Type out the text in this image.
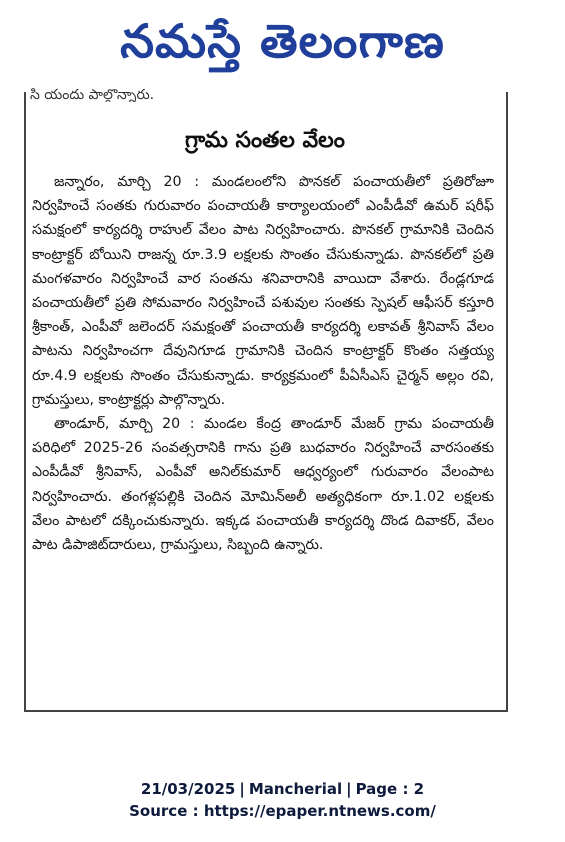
నమస్తే తెలంగాణ
సి యందు పాల్గొన్నారు.
గ్రామ సంతల వేలం

జన్నారం, మార్చి 20 : మండలంలోని పొనకల్ పంచాయతీలో ప్రతిరోజూ నిర్వహించే సంతకు గురువారం పంచాయతీ కార్యాలయంలో ఎంపీడీవో ఉమర్ షరీఫ్ సమక్షంలో కార్యదర్శి రాహుల్ వేలం పాట నిర్వహించారు. పొనకల్ గ్రామానికి చెందిన కాంట్రాక్టర్ బోయిని రాజన్న రూ.3.9 లక్షలకు సొంతం చేసుకున్నాడు. పొనకల్‌లో ప్రతి మంగళవారం నిర్వహించే వార సంతను శనివారానికి వాయిదా వేశారు. రేండ్లగూడ పంచాయతీలో ప్రతి సోమవారం నిర్వహించే పశువుల సంతకు స్పెషల్ ఆఫీసర్ కస్తూరి శ్రీకాంత్, ఎంపీవో జలెందర్ సమక్షంతో పంచాయతీ కార్యదర్శి లకావత్ శ్రీనివాస్ వేలం పాటను నిర్వహించగా దేవునిగూడ గ్రామానికి చెందిన కాంట్రాక్టర్ కొంతం సత్తయ్య రూ.4.9 లక్షలకు సొంతం చేసుకున్నాడు. కార్యక్రమంలో పీఏసీఎస్ చైర్మన్ అల్లం రవి, గ్రామస్తులు, కాంట్రాక్టర్లు పాల్గొన్నారు.

తాండూర్, మార్చి 20 : మండల కేంద్ర తాండూర్ మేజర్ గ్రామ పంచాయతీ పరిధిలో 2025-26 సంవత్సరానికి గాను ప్రతి బుధవారం నిర్వహించే వారసంతకు ఎంపీడీవో శ్రీనివాస్, ఎంపీవో అనిల్‌కుమార్ ఆధ్వర్యంలో గురువారం వేలంపాట నిర్వహించారు. తంగళ్లపల్లికి చెందిన మోమిన్‌అలీ అత్యధికంగా రూ.1.02 లక్షలకు వేలం పాటలో దక్కించుకున్నారు. ఇక్కడ పంచాయతీ కార్యదర్శి దొండ దివాకర్, వేలం పాట డిపాజిట్‌దారులు, గ్రామస్తులు, సిబ్బంది ఉన్నారు.

21/03/2025 | Mancherial | Page : 2
Source : https://epaper.ntnews.com/
